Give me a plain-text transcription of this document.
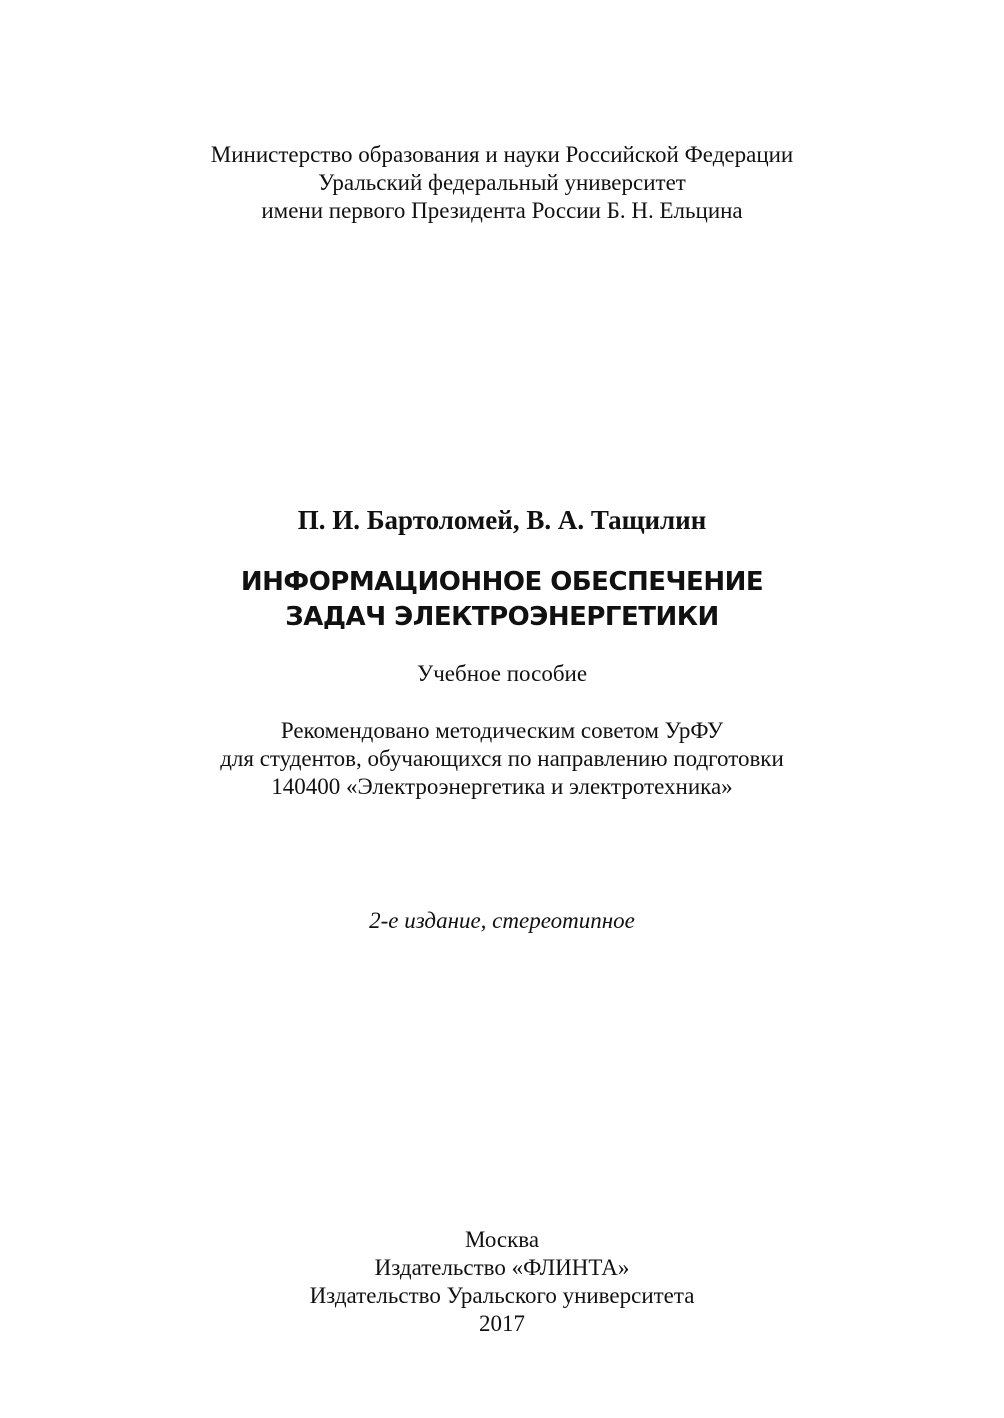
Министерство образования и науки Российской Федерации
Уральский федеральный университет
имени первого Президента России Б. Н. Ельцина
П. И. Бартоломей, В. А. Тащилин
ИНФОРМАЦИОННОЕ ОБЕСПЕЧЕНИЕ
ЗАДАЧ ЭЛЕКТРОЭНЕРГЕТИКИ
Учебное пособие
Рекомендовано методическим советом УрФУ
для студентов, обучающихся по направлению подготовки
140400 «Электроэнергетика и электротехника»
2-е издание, стереотипное
Москва
Издательство «ФЛИНТА»
Издательство Уральского университета
2017
